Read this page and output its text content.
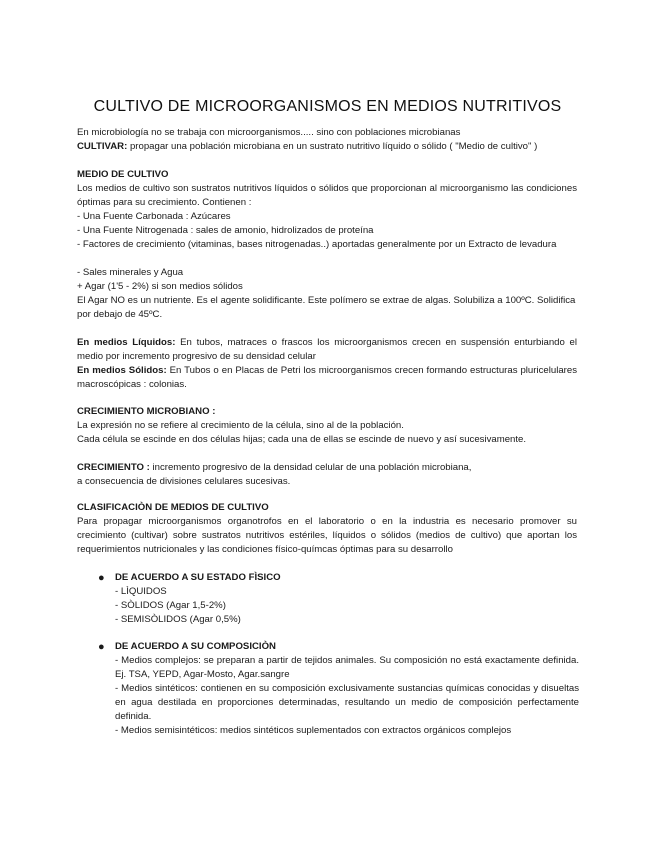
CULTIVO DE MICROORGANISMOS EN MEDIOS NUTRITIVOS

En microbiología no se trabaja con microorganismos..... sino con poblaciones microbianas

CULTIVAR: propagar una población microbiana en un sustrato nutritivo líquido o sólido ( "Medio de cultivo" )

MEDIO DE CULTIVO

Los medios de cultivo son sustratos nutritivos líquidos o sólidos que proporcionan al microorganismo las condiciones óptimas para su crecimiento. Contienen :

- Una Fuente Carbonada : Azúcares

- Una Fuente Nitrogenada : sales de amonio, hidrolizados de proteína

- Factores de crecimiento (vitaminas, bases nitrogenadas..) aportadas generalmente por un Extracto de levadura

- Sales minerales y Agua

+ Agar (1'5 - 2%) si son medios sólidos

El Agar NO es un nutriente. Es el agente solidificante. Este polímero se extrae de algas. Solubiliza a 100ºC. Solidifica por debajo de 45ºC.

En medios Líquidos: En tubos, matraces o frascos los microorganismos crecen en suspensión enturbiando el medio por incremento progresivo de su densidad celular

En medios Sólidos: En Tubos o en Placas de Petri los microorganismos crecen formando estructuras pluricelulares macroscópicas : colonias.

CRECIMIENTO MICROBIANO :

La expresión no se refiere al crecimiento de la célula, sino al de la población.

Cada célula se escinde en dos células hijas; cada una de ellas se escinde de nuevo y así sucesivamente.

CRECIMIENTO : incremento progresivo de la densidad celular de una población microbiana,

a consecuencia de divisiones celulares sucesivas.

CLASIFICACIÒN DE MEDIOS DE CULTIVO

Para propagar microorganismos organotrofos en el laboratorio o en la industria es necesario promover su crecimiento (cultivar) sobre sustratos nutritivos estériles, líquidos o sólidos (medios de cultivo) que aportan los requerimientos nutricionales y las condiciones físico-químcas óptimas para su desarrollo

● DE ACUERDO A SU ESTADO FÌSICO

- LÌQUIDOS

- SÒLIDOS (Agar 1,5-2%)

- SEMISÒLIDOS (Agar 0,5%)

● DE ACUERDO A SU COMPOSICIÒN

- Medios complejos: se preparan a partir de tejidos animales. Su composición no está exactamente definida. Ej. TSA, YEPD, Agar-Mosto, Agar.sangre

- Medios sintéticos: contienen en su composición exclusivamente sustancias químicas conocidas y disueltas en agua destilada en proporciones determinadas, resultando un medio de composición perfectamente definida.

- Medios semisintéticos: medios sintéticos suplementados con extractos orgánicos complejos
